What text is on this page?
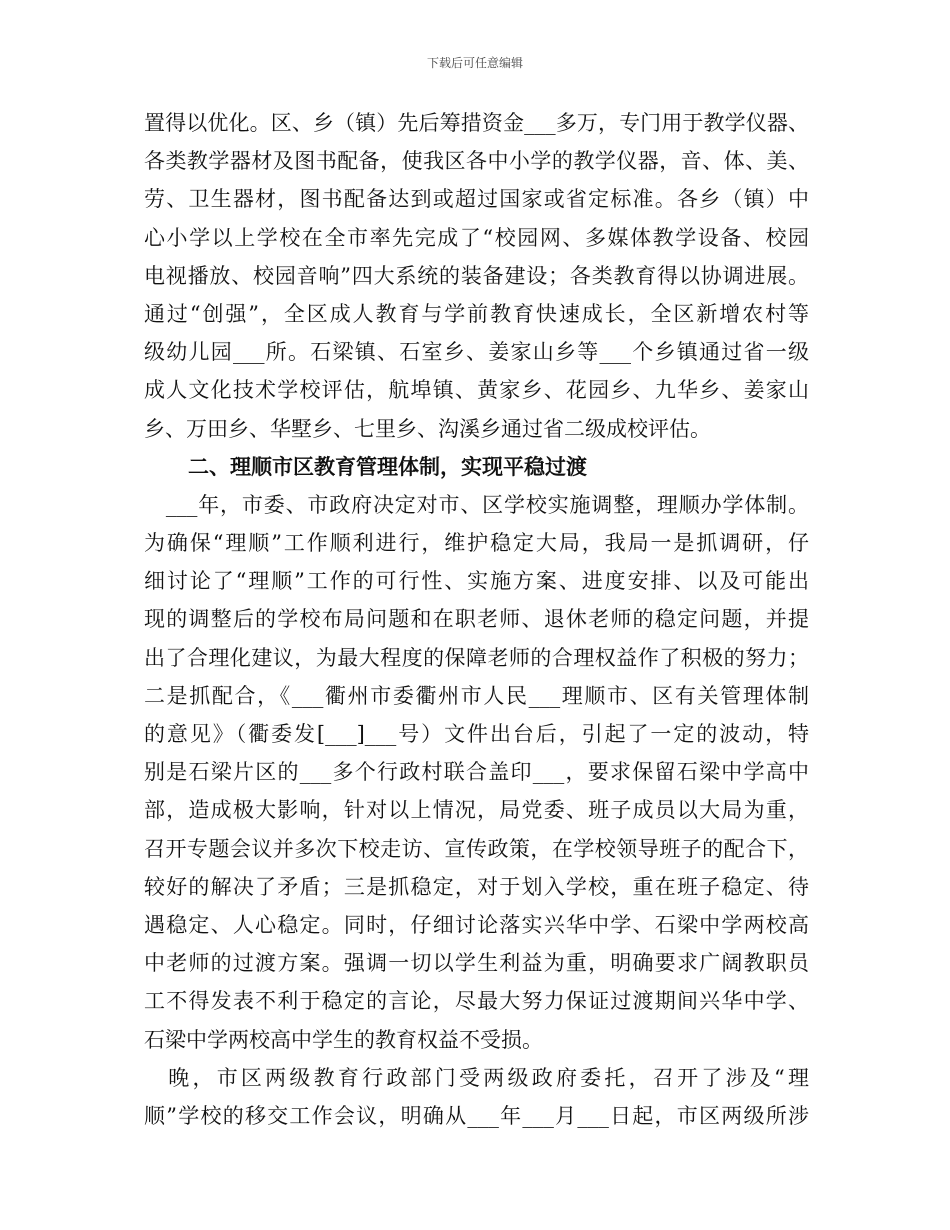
下载后可任意编辑
置得以优化。区、乡（镇）先后筹措资金___多万，专门用于教学仪器、
各类教学器材及图书配备，使我区各中小学的教学仪器，音、体、美、
劳、卫生器材，图书配备达到或超过国家或省定标准。各乡（镇）中
心小学以上学校在全市率先完成了“校园网、多媒体教学设备、校园
电视播放、校园音响”四大系统的装备建设；各类教育得以协调进展。
通过“创强”，全区成人教育与学前教育快速成长，全区新增农村等
级幼儿园___所。石梁镇、石室乡、姜家山乡等___个乡镇通过省一级
成人文化技术学校评估，航埠镇、黄家乡、花园乡、九华乡、姜家山
乡、万田乡、华墅乡、七里乡、沟溪乡通过省二级成校评估。
二、理顺市区教育管理体制，实现平稳过渡
　___年，市委、市政府决定对市、区学校实施调整，理顺办学体制。
为确保“理顺”工作顺利进行，维护稳定大局，我局一是抓调研，仔
细讨论了“理顺”工作的可行性、实施方案、进度安排、以及可能出
现的调整后的学校布局问题和在职老师、退休老师的稳定问题，并提
出了合理化建议，为最大程度的保障老师的合理权益作了积极的努力；
二是抓配合，《___衢州市委衢州市人民___理顺市、区有关管理体制
的意见》（衢委发[___]___号）文件出台后，引起了一定的波动，特
别是石梁片区的___多个行政村联合盖印___，要求保留石梁中学高中
部，造成极大影响，针对以上情况，局党委、班子成员以大局为重，
召开专题会议并多次下校走访、宣传政策，在学校领导班子的配合下，
较好的解决了矛盾；三是抓稳定，对于划入学校，重在班子稳定、待
遇稳定、人心稳定。同时，仔细讨论落实兴华中学、石梁中学两校高
中老师的过渡方案。强调一切以学生利益为重，明确要求广阔教职员
工不得发表不利于稳定的言论，尽最大努力保证过渡期间兴华中学、
石梁中学两校高中学生的教育权益不受损。
　晚，市区两级教育行政部门受两级政府委托，召开了涉及“理
顺”学校的移交工作会议，明确从___年___月___日起，市区两级所涉
